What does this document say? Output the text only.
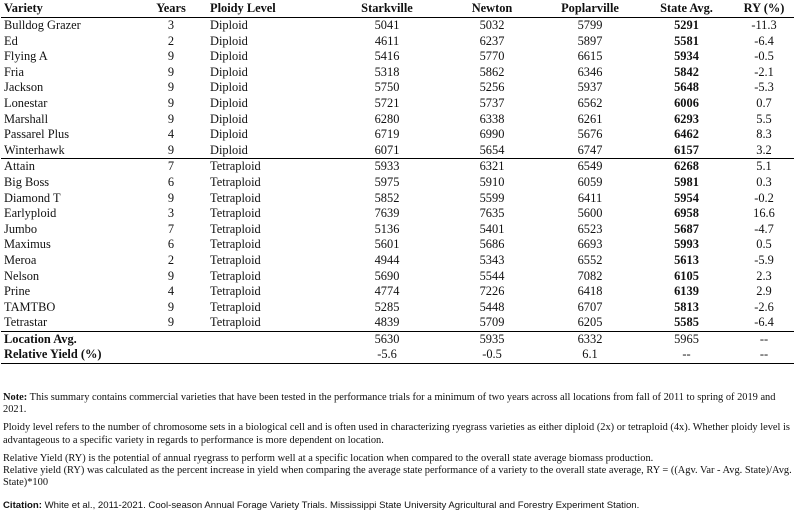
Variety	Years	Ploidy Level	Starkville	Newton	Poplarville	State Avg.	RY (%)
Bulldog Grazer	3	Diploid	5041	5032	5799	5291	-11.3
Ed	2	Diploid	4611	6237	5897	5581	-6.4
Flying A	9	Diploid	5416	5770	6615	5934	-0.5
Fria	9	Diploid	5318	5862	6346	5842	-2.1
Jackson	9	Diploid	5750	5256	5937	5648	-5.3
Lonestar	9	Diploid	5721	5737	6562	6006	0.7
Marshall	9	Diploid	6280	6338	6261	6293	5.5
Passarel Plus	4	Diploid	6719	6990	5676	6462	8.3
Winterhawk	9	Diploid	6071	5654	6747	6157	3.2
Attain	7	Tetraploid	5933	6321	6549	6268	5.1
Big Boss	6	Tetraploid	5975	5910	6059	5981	0.3
Diamond T	9	Tetraploid	5852	5599	6411	5954	-0.2
Earlyploid	3	Tetraploid	7639	7635	5600	6958	16.6
Jumbo	7	Tetraploid	5136	5401	6523	5687	-4.7
Maximus	6	Tetraploid	5601	5686	6693	5993	0.5
Meroa	2	Tetraploid	4944	5343	6552	5613	-5.9
Nelson	9	Tetraploid	5690	5544	7082	6105	2.3
Prine	4	Tetraploid	4774	7226	6418	6139	2.9
TAMTBO	9	Tetraploid	5285	5448	6707	5813	-2.6
Tetrastar	9	Tetraploid	4839	5709	6205	5585	-6.4
Location Avg.			5630	5935	6332	5965	--
Relative Yield (%)			-5.6	-0.5	6.1	--	--

Note: This summary contains commercial varieties that have been tested in the performance trials for a minimum of two years across all locations from fall of 2011 to spring of 2019 and 2021.

Ploidy level refers to the number of chromosome sets in a biological cell and is often used in characterizing ryegrass varieties as either diploid (2x) or tetraploid (4x). Whether ploidy level is advantageous to a specific variety in regards to performance is more dependent on location.

Relative Yield (RY) is the potential of annual ryegrass to perform well at a specific location when compared to the overall state average biomass production.
Relative yield (RY) was calculated as the percent increase in yield when comparing the average state performance of a variety to the overall state average, RY = ((Agv. Var - Avg. State)/Avg. State)*100

Citation: White et al., 2011-2021. Cool-season Annual Forage Variety Trials. Mississippi State University Agricultural and Forestry Experiment Station.
